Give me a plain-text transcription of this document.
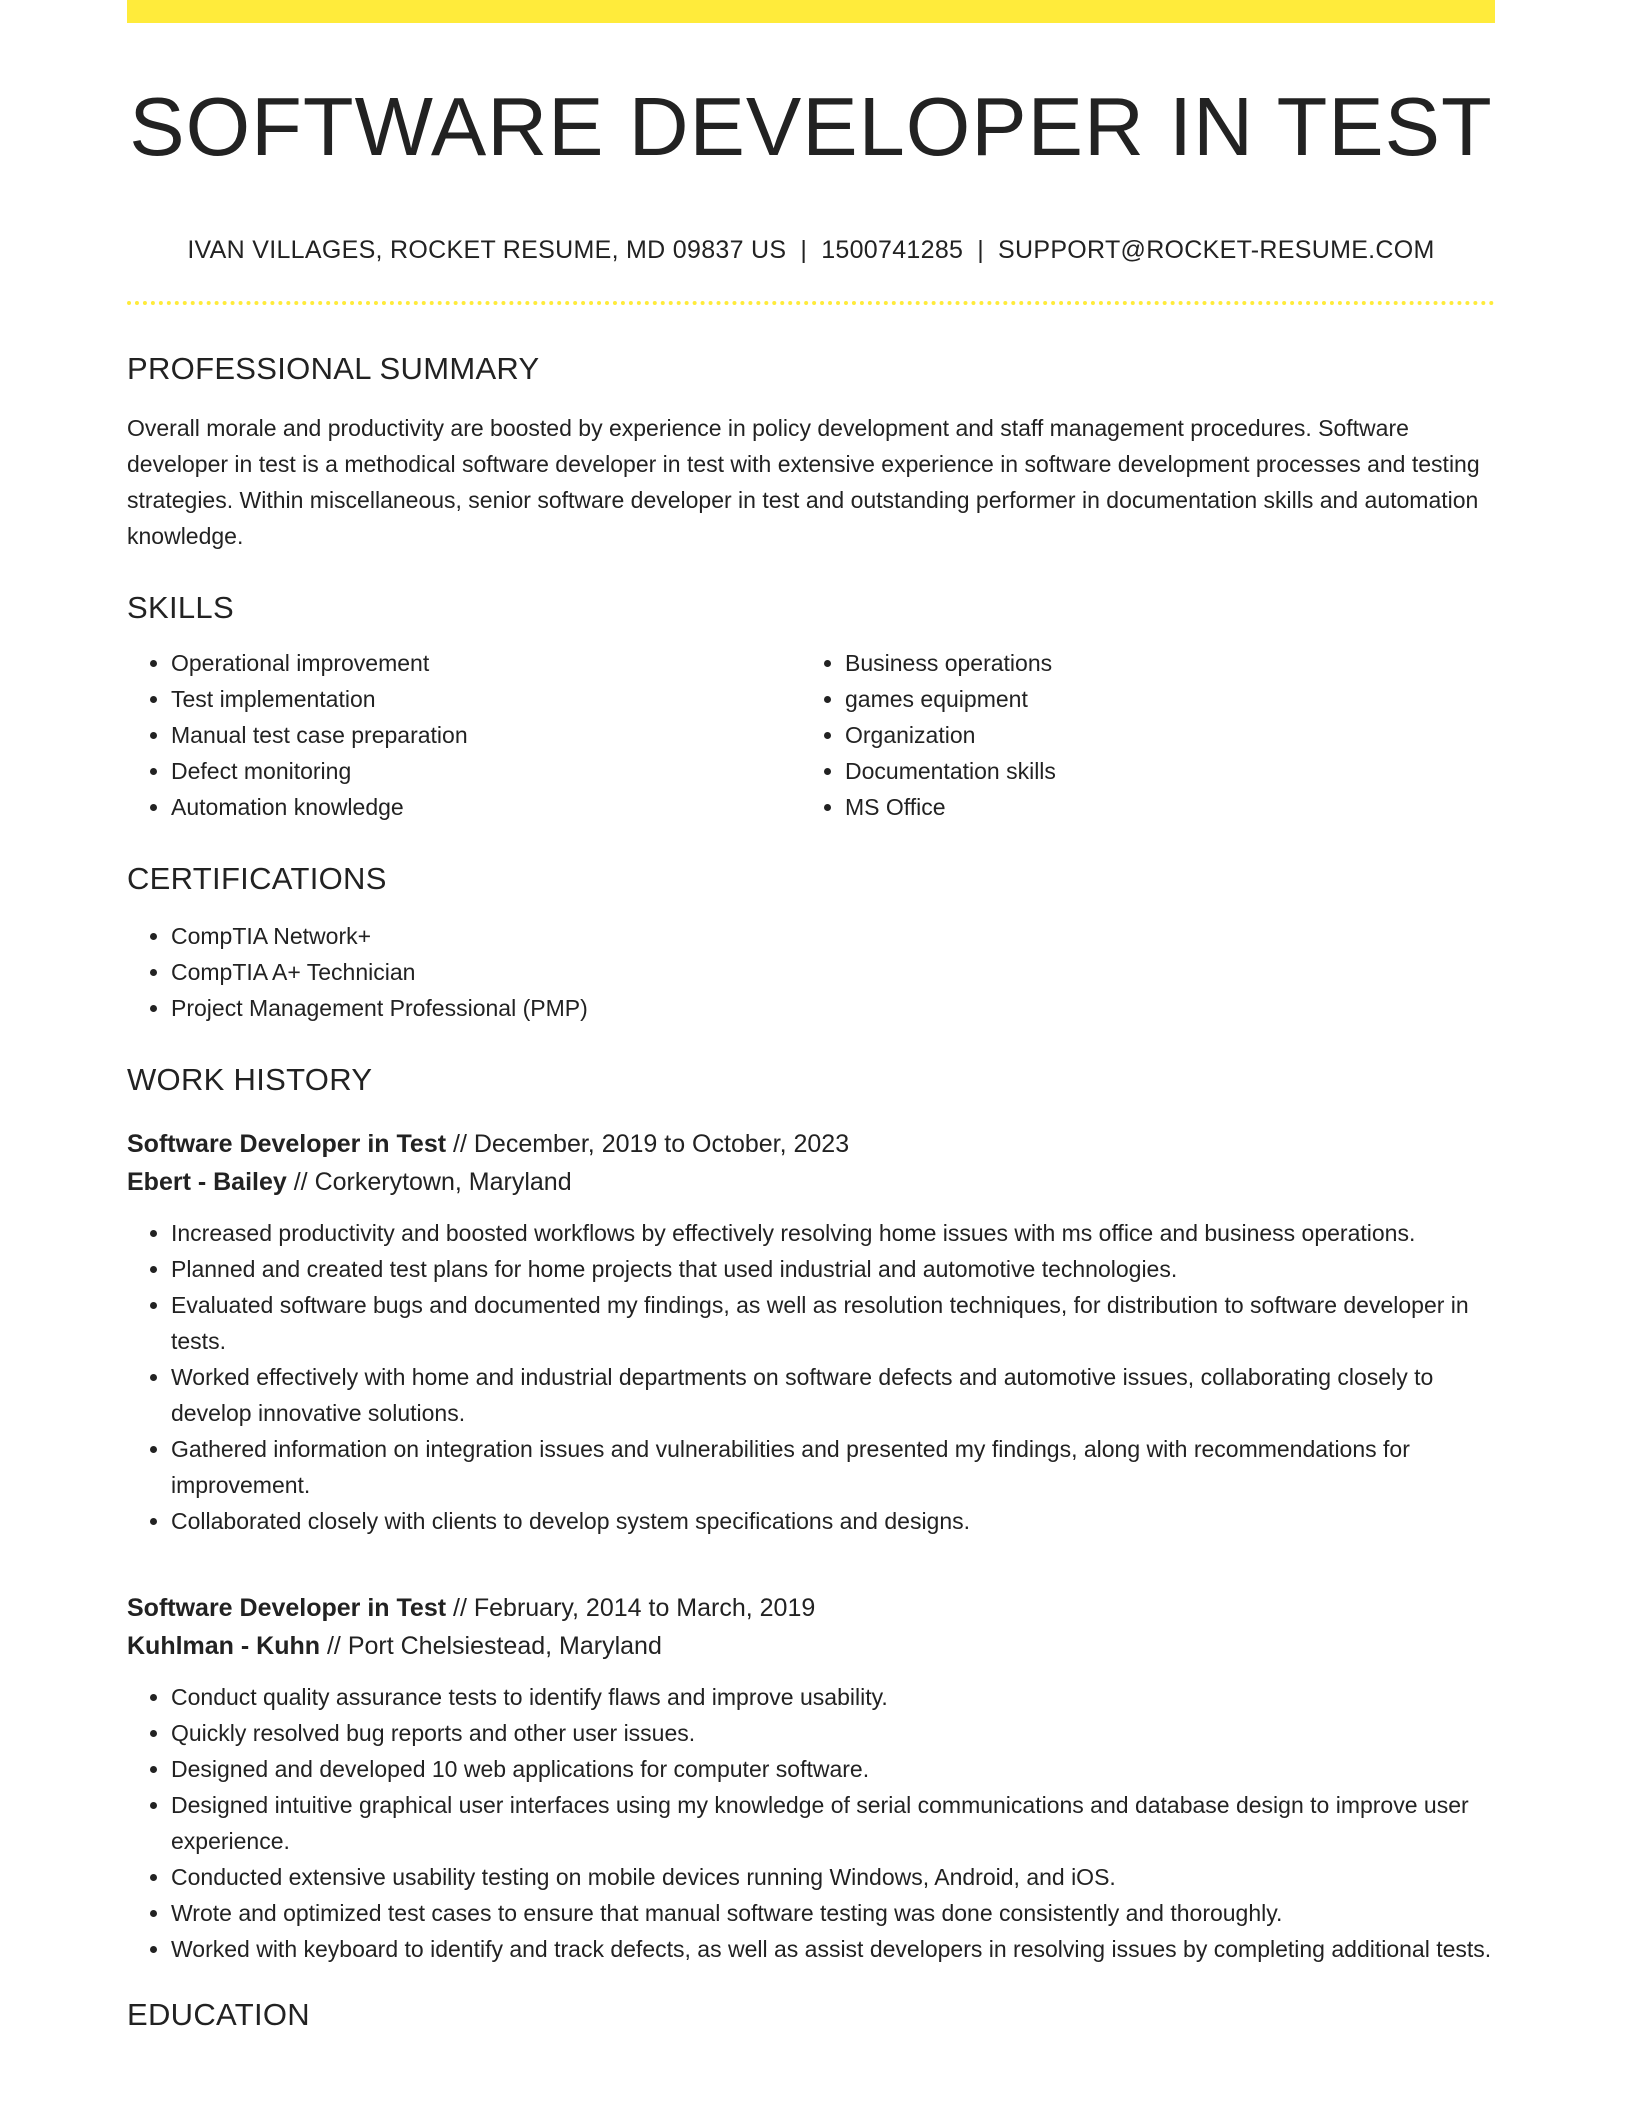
SOFTWARE DEVELOPER IN TEST
IVAN VILLAGES, ROCKET RESUME, MD 09837 US | 1500741285 | SUPPORT@ROCKET-RESUME.COM
PROFESSIONAL SUMMARY

Overall morale and productivity are boosted by experience in policy development and staff management procedures. Software developer in test is a methodical software developer in test with extensive experience in software development processes and testing strategies. Within miscellaneous, senior software developer in test and outstanding performer in documentation skills and automation knowledge.

SKILLS
• Operational improvement
• Test implementation
• Manual test case preparation
• Defect monitoring
• Automation knowledge
• Business operations
• games equipment
• Organization
• Documentation skills
• MS Office
CERTIFICATIONS
• CompTIA Network+
• CompTIA A+ Technician
• Project Management Professional (PMP)
WORK HISTORY
Software Developer in Test // December, 2019 to October, 2023
Ebert - Bailey // Corkerytown, Maryland
• Increased productivity and boosted workflows by effectively resolving home issues with ms office and business operations.
• Planned and created test plans for home projects that used industrial and automotive technologies.
• Evaluated software bugs and documented my findings, as well as resolution techniques, for distribution to software developer in tests.
• Worked effectively with home and industrial departments on software defects and automotive issues, collaborating closely to develop innovative solutions.
• Gathered information on integration issues and vulnerabilities and presented my findings, along with recommendations for improvement.
• Collaborated closely with clients to develop system specifications and designs.
Software Developer in Test // February, 2014 to March, 2019
Kuhlman - Kuhn // Port Chelsiestead, Maryland
• Conduct quality assurance tests to identify flaws and improve usability.
• Quickly resolved bug reports and other user issues.
• Designed and developed 10 web applications for computer software.
• Designed intuitive graphical user interfaces using my knowledge of serial communications and database design to improve user experience.
• Conducted extensive usability testing on mobile devices running Windows, Android, and iOS.
• Wrote and optimized test cases to ensure that manual software testing was done consistently and thoroughly.
• Worked with keyboard to identify and track defects, as well as assist developers in resolving issues by completing additional tests.
EDUCATION
